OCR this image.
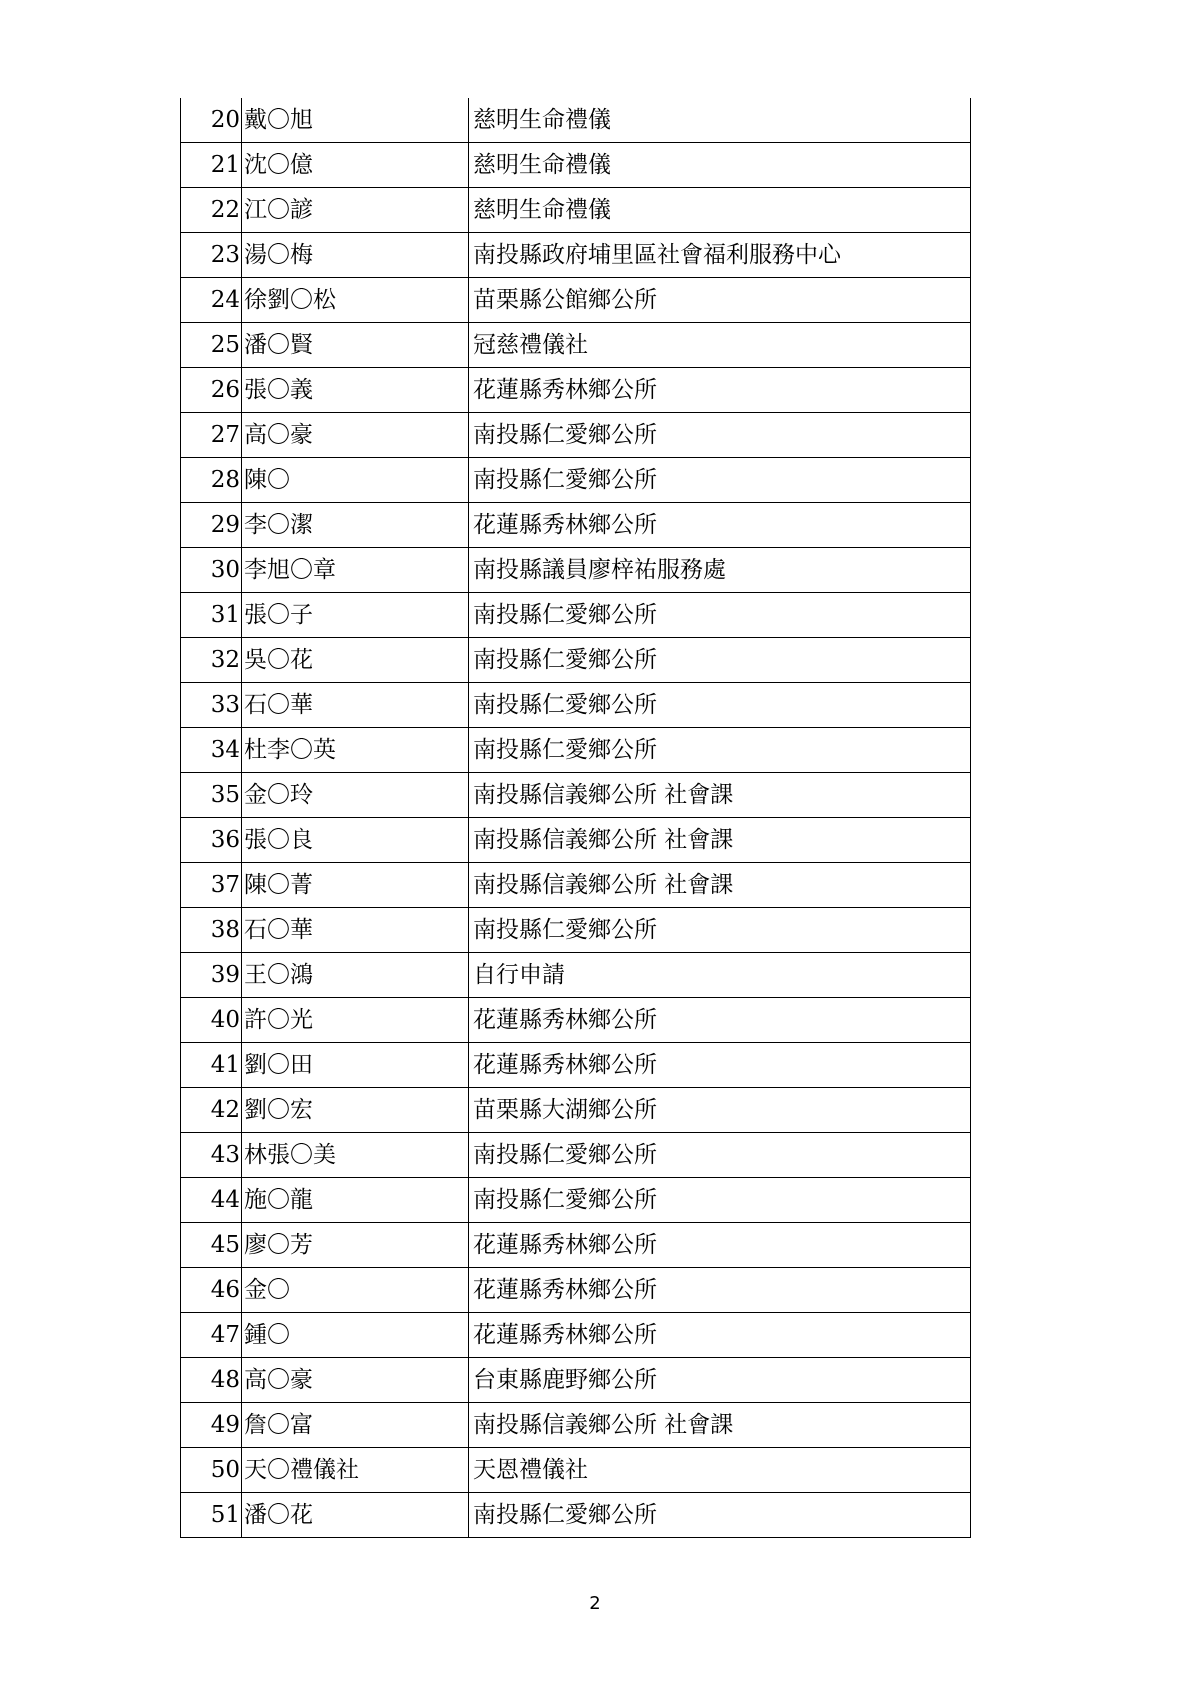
20	戴〇旭	慈明生命禮儀
21	沈〇億	慈明生命禮儀
22	江〇諺	慈明生命禮儀
23	湯〇梅	南投縣政府埔里區社會福利服務中心
24	徐劉〇松	苗栗縣公館鄉公所
25	潘〇賢	冠慈禮儀社
26	張〇義	花蓮縣秀林鄉公所
27	高〇豪	南投縣仁愛鄉公所
28	陳〇	南投縣仁愛鄉公所
29	李〇潔	花蓮縣秀林鄉公所
30	李旭〇章	南投縣議員廖梓祐服務處
31	張〇子	南投縣仁愛鄉公所
32	吳〇花	南投縣仁愛鄉公所
33	石〇華	南投縣仁愛鄉公所
34	杜李〇英	南投縣仁愛鄉公所
35	金〇玲	南投縣信義鄉公所 社會課
36	張〇良	南投縣信義鄉公所 社會課
37	陳〇菁	南投縣信義鄉公所 社會課
38	石〇華	南投縣仁愛鄉公所
39	王〇鴻	自行申請
40	許〇光	花蓮縣秀林鄉公所
41	劉〇田	花蓮縣秀林鄉公所
42	劉〇宏	苗栗縣大湖鄉公所
43	林張〇美	南投縣仁愛鄉公所
44	施〇龍	南投縣仁愛鄉公所
45	廖〇芳	花蓮縣秀林鄉公所
46	金〇	花蓮縣秀林鄉公所
47	鍾〇	花蓮縣秀林鄉公所
48	高〇豪	台東縣鹿野鄉公所
49	詹〇富	南投縣信義鄉公所 社會課
50	天〇禮儀社	天恩禮儀社
51	潘〇花	南投縣仁愛鄉公所
2
